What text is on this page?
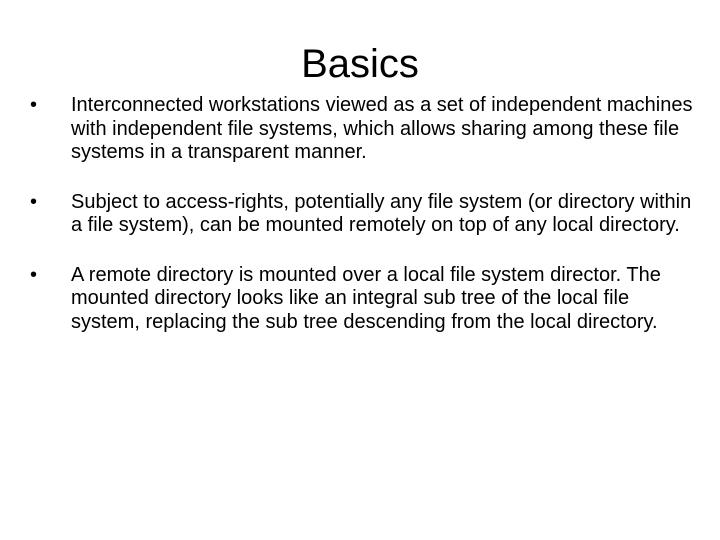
Basics
•	Interconnected workstations viewed as a set of independent machines with independent file systems, which allows sharing among these file systems in a transparent manner.
•	Subject to access-rights, potentially any file system (or directory within a file system), can be mounted remotely on top of any local directory.
•	A remote directory is mounted over a local file system director. The mounted directory looks like an integral sub tree of the local file system, replacing the sub tree descending from the local directory.
